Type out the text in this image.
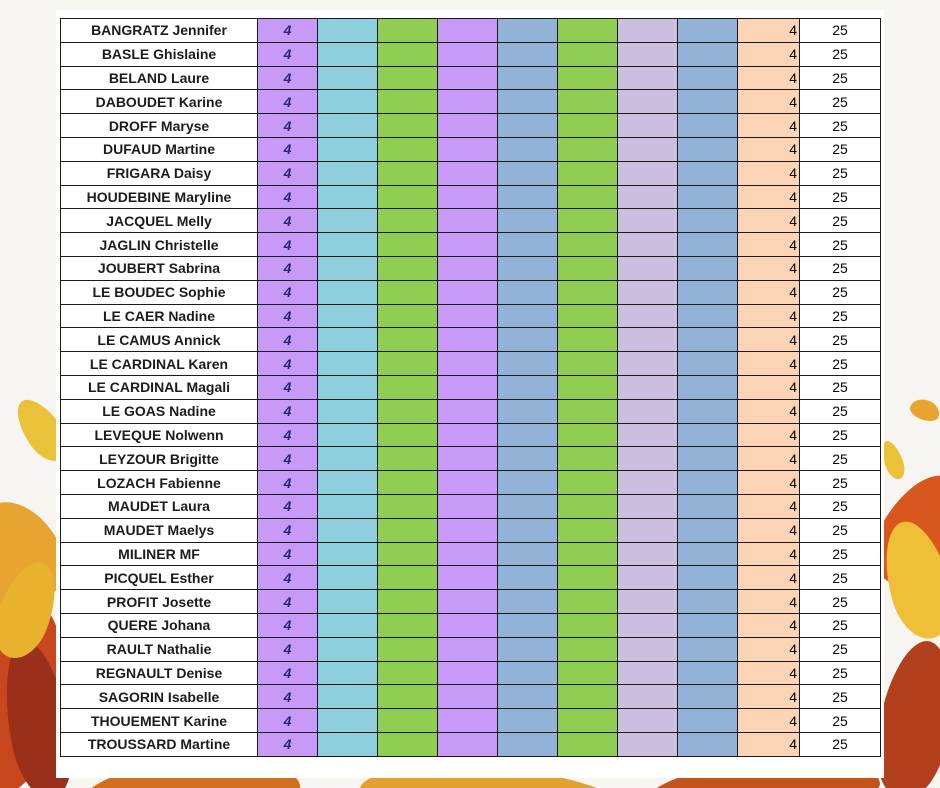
BANGRATZ Jennifer	4								4	25
BASLE Ghislaine	4								4	25
BELAND Laure	4								4	25
DABOUDET Karine	4								4	25
DROFF Maryse	4								4	25
DUFAUD Martine	4								4	25
FRIGARA Daisy	4								4	25
HOUDEBINE Maryline	4								4	25
JACQUEL Melly	4								4	25
JAGLIN Christelle	4								4	25
JOUBERT Sabrina	4								4	25
LE BOUDEC Sophie	4								4	25
LE CAER Nadine	4								4	25
LE CAMUS Annick	4								4	25
LE CARDINAL Karen	4								4	25
LE CARDINAL Magali	4								4	25
LE GOAS Nadine	4								4	25
LEVEQUE Nolwenn	4								4	25
LEYZOUR Brigitte	4								4	25
LOZACH Fabienne	4								4	25
MAUDET Laura	4								4	25
MAUDET Maelys	4								4	25
MILINER MF	4								4	25
PICQUEL Esther	4								4	25
PROFIT Josette	4								4	25
QUERE Johana	4								4	25
RAULT Nathalie	4								4	25
REGNAULT Denise	4								4	25
SAGORIN Isabelle	4								4	25
THOUEMENT Karine	4								4	25
TROUSSARD Martine	4								4	25
